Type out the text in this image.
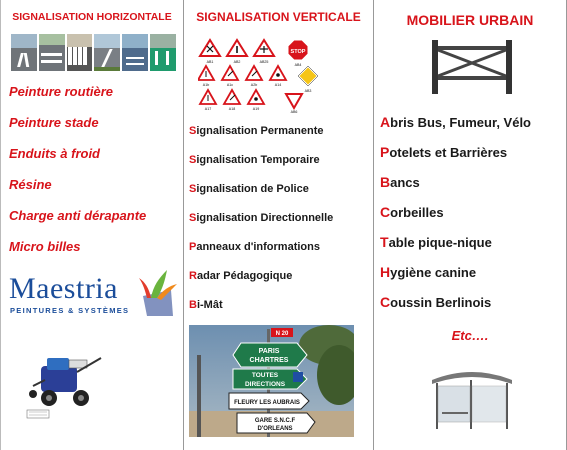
SIGNALISATION HORIZONTALE
Peinture routière
Peinture stade
Enduits à froid
Résine
Charge anti dérapante
Micro billes
Maestria
PEINTURES & SYSTÈMES
SIGNALISATION VERTICALE
STOP
AB1	AB2	AB25
AB4
A1b	A1c	A2b	A14
AB3
A17	A18	A19
AB6
Signalisation Permanente
Signalisation Temporaire
Signalisation de Police
Signalisation Directionnelle
Panneaux d'informations
Radar Pédagogique
Bi-Mât
N 20
PARIS
CHARTRES
TOUTES
DIRECTIONS
FLEURY LES AUBRAIS
GARE S.N.C.F
D'ORLEANS
MOBILIER URBAIN
Abris Bus, Fumeur, Vélo
Potelets et Barrières
Bancs
Corbeilles
Table pique-nique
Hygiène canine
Coussin Berlinois
Etc….
